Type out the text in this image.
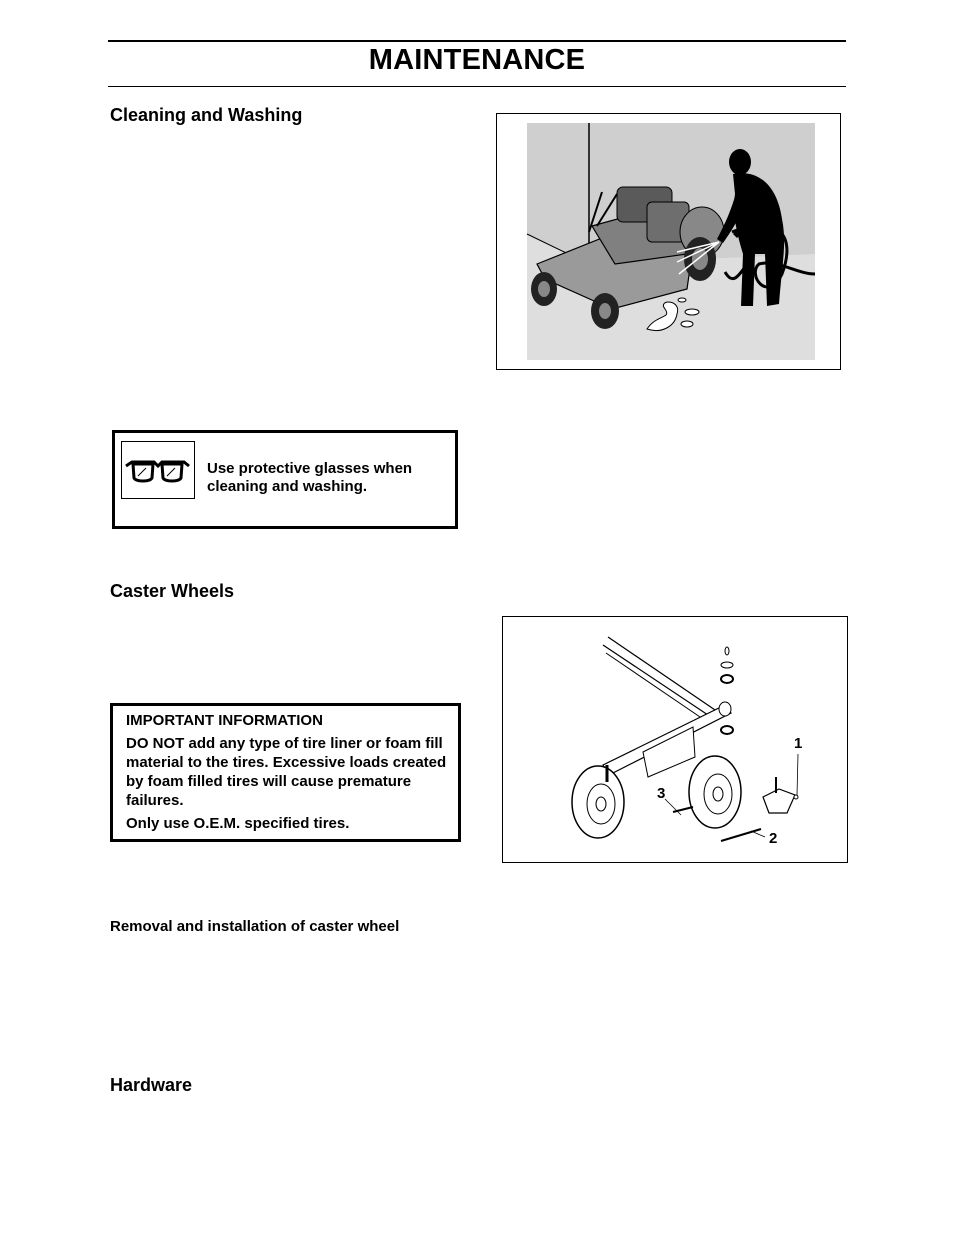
MAINTENANCE
Cleaning and Washing
Use protective glasses when cleaning and washing.
Caster Wheels
1
2
3

IMPORTANT INFORMATION

DO NOT add any type of tire liner or foam fill material to the tires. Excessive loads created by foam filled tires will cause premature failures.

Only use O.E.M. specified tires.

Removal and installation of caster wheel
Hardware
